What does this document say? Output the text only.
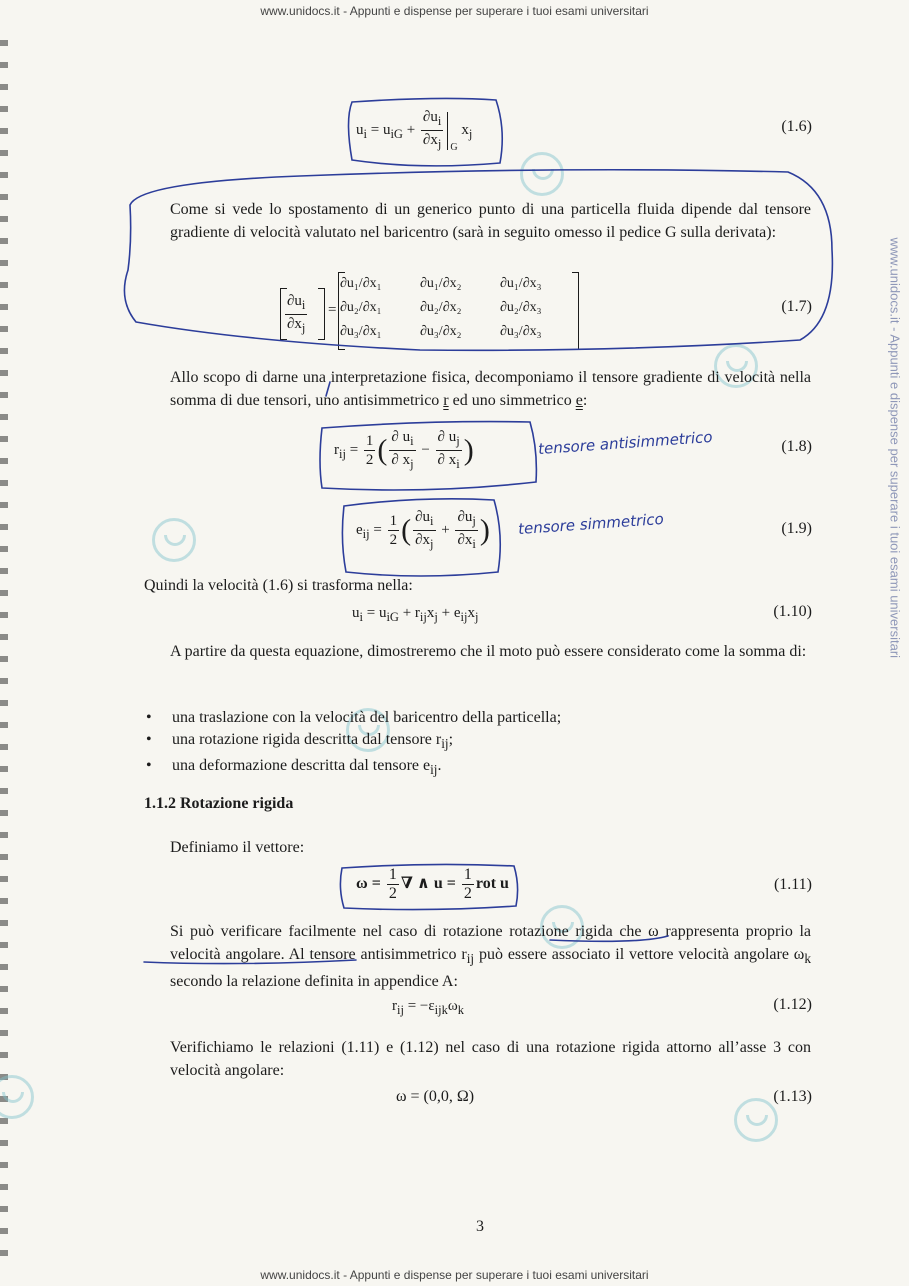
www.unidocs.it - Appunti e dispense per superare i tuoi esami universitari
www.unidocs.it - Appunti e dispense per superare i tuoi esami universitari
www.unidocs.it - Appunti e dispense per superare i tuoi esami universitari
$u_i = u_{iG} + \frac{\partial u_i}{\partial x_j} _G$ $x_j$	(1.6)
Come si vede lo spostamento di un generico punto di una particella fluida dipende dal tensore gradiente di velocità valutato nel baricentro (sarà in seguito omesso il pedice G sulla derivata):
$\frac{\partial u_i}{\partial x_j}$ =
∂u₁/∂x₁	∂u₁/∂x₂	∂u₁/∂x₃
∂u₂/∂x₁	∂u₂/∂x₂	∂u₂/∂x₃
∂u₃/∂x₁	∂u₃/∂x₂	∂u₃/∂x₃
(1.7)
Allo scopo di darne una interpretazione fisica, decomponiamo il tensore gradiente di velocità nella somma di due tensori, uno antisimmetrico r ed uno simmetrico e:
$r_{ij} = \frac{1}{2}$ ( $\frac{\partial u_i}{\partial x_j} - \frac{\partial u_j}{\partial x_i}$ )	tensore antisimmetrico	(1.8)
$e_{ij} = \frac{1}{2}$ ( $\frac{\partial u_i}{\partial x_j} + \frac{\partial u_j}{\partial x_i}$ ) tensore simmetrico	(1.9)
Quindi la velocità (1.6) si trasforma nella:
$u_i = u_{iG} + r_{ij}x_j + e_{ij}x_j$	(1.10)
A partire da questa equazione, dimostreremo che il moto può essere considerato come la somma di:
• una traslazione con la velocità del baricentro della particella;
• una rotazione rigida descritta dal tensore $r_{ij}$;
• una deformazione descritta dal tensore $e_{ij}$.
1.1.2 Rotazione rigida
Definiamo il vettore:
$\omega = \frac{1}{2}$ ∇ ∧ $u = \frac{1}{2}$ rot u	(1.11)
Si può verificare facilmente nel caso di rotazione rotazione rigida che ω rappresenta proprio la velocità angolare. Al tensore antisimmetrico $r_{ij}$ può essere associato il vettore velocità angolare $\omega_k$ secondo la relazione definita in appendice A:
$r_{ij} = -\varepsilon_{ijk}\omega_k$	(1.12)
Verifichiamo le relazioni (1.11) e (1.12) nel caso di una rotazione rigida attorno all’asse 3 con velocità angolare:
ω = (0,0, Ω)	(1.13)
3
